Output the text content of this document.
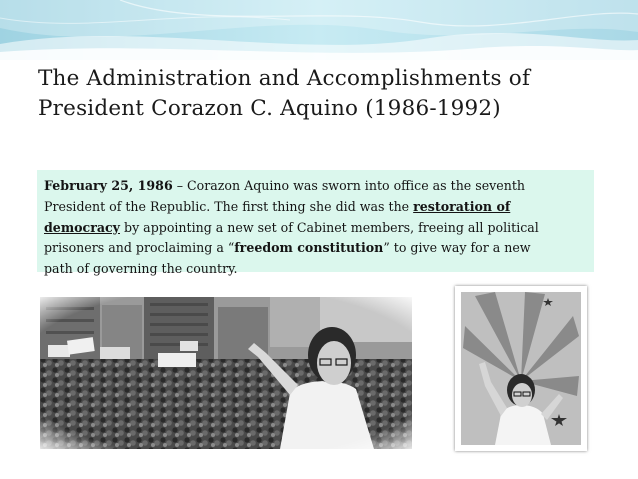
The Administration and Accomplishments of
President Corazon C. Aquino (1986-1992)
February 25, 1986 – Corazon Aquino was sworn into office as the seventh
President of the Republic. The first thing she did was the restoration of
democracy by appointing a new set of Cabinet members, freeing all political
prisoners and proclaiming a “freedom constitution” to give way for a new
path of governing the country.
